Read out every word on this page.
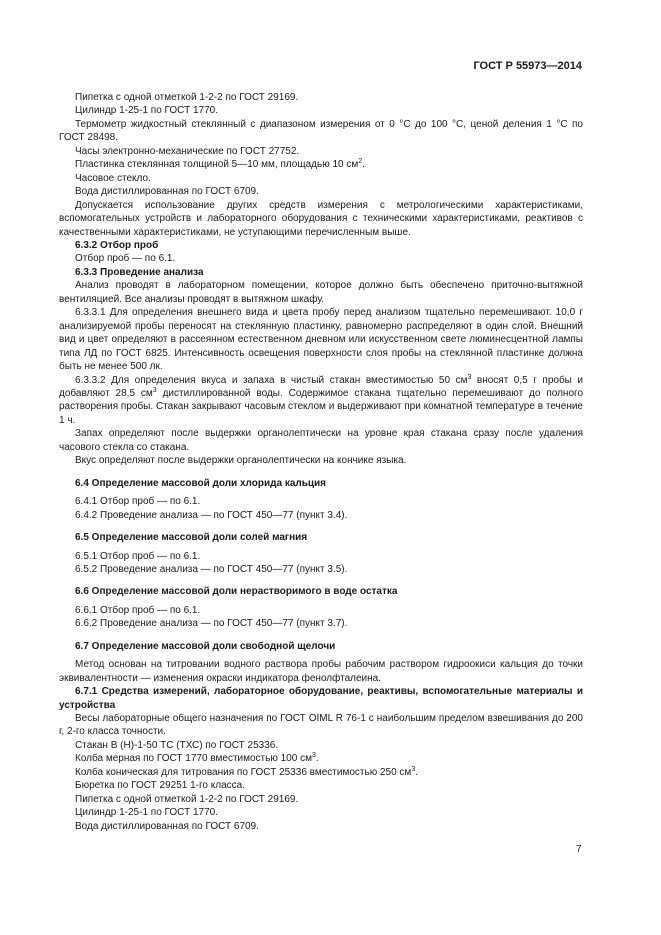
ГОСТ Р 55973—2014

Пипетка с одной отметкой 1-2-2 по ГОСТ 29169.

Цилиндр 1-25-1 по ГОСТ 1770.

Термометр жидкостный стеклянный с диапазоном измерения от 0 °С до 100 °С, ценой деления 1 °С по ГОСТ 28498.

Часы электронно-механические по ГОСТ 27752.

Пластинка стеклянная толщиной 5—10 мм, площадью 10 $см^2$.

Часовое стекло.

Вода дистиллированная по ГОСТ 6709.

Допускается использование других средств измерения с метрологическими характеристиками, вспомогательных устройств и лабораторного оборудования с техническими характеристиками, реактивов с качественными характеристиками, не уступающими перечисленным выше.

6.3.2 Отбор проб

Отбор проб — по 6.1.

6.3.3 Проведение анализа

Анализ проводят в лабораторном помещении, которое должно быть обеспечено приточно-вытяжной вентиляцией. Все анализы проводят в вытяжном шкафу.

6.3.3.1 Для определения внешнего вида и цвета пробу перед анализом тщательно перемешивают. 10,0 г анализируемой пробы переносят на стеклянную пластинку, равномерно распределяют в один слой. Внешний вид и цвет определяют в рассеянном естественном дневном или искусственном свете люминесцентной лампы типа ЛД по ГОСТ 6825. Интенсивность освещения поверхности слоя пробы на стеклянной пластинке должна быть не менее 500 лк.

6.3.3.2 Для определения вкуса и запаха в чистый стакан вместимостью 50 $см^3$ вносят 0,5 г пробы и добавляют 28,5 $см^3$ дистиллированной воды. Содержимое стакана тщательно перемешивают до полного растворения пробы. Стакан закрывают часовым стеклом и выдерживают при комнатной температуре в течение 1 ч.

Запах определяют после выдержки органолептически на уровне края стакана сразу после удаления часового стекла со стакана.

Вкус определяют после выдержки органолептически на кончике языка.

6.4 Определение массовой доли хлорида кальция

6.4.1 Отбор проб — по 6.1.

6.4.2 Проведение анализа — по ГОСТ 450—77 (пункт 3.4).

6.5 Определение массовой доли солей магния

6.5.1 Отбор проб — по 6.1.

6.5.2 Проведение анализа — по ГОСТ 450—77 (пункт 3.5).

6.6 Определение массовой доли нерастворимого в воде остатка

6.6.1 Отбор проб — по 6.1.

6.6.2 Проведение анализа — по ГОСТ 450—77 (пункт 3.7).

6.7 Определение массовой доли свободной щелочи

Метод основан на титровании водного раствора пробы рабочим раствором гидроокиси кальция до точки эквивалентности — изменения окраски индикатора фенолфталеина.

6.7.1 Средства измерений, лабораторное оборудование, реактивы, вспомогательные материалы и устройства

Весы лабораторные общего назначения по ГОСТ OIML R 76-1 с наибольшим пределом взвешивания до 200 г, 2-го класса точности.

Стакан В (Н)-1-50 ТС (ТХС) по ГОСТ 25336.

Колба мерная по ГОСТ 1770 вместимостью 100 $см^3$.

Колба коническая для титрования по ГОСТ 25336 вместимостью 250 $см^3$.

Бюретка по ГОСТ 29251 1-го класса.

Пипетка с одной отметкой 1-2-2 по ГОСТ 29169.

Цилиндр 1-25-1 по ГОСТ 1770.

Вода дистиллированная по ГОСТ 6709.

7
